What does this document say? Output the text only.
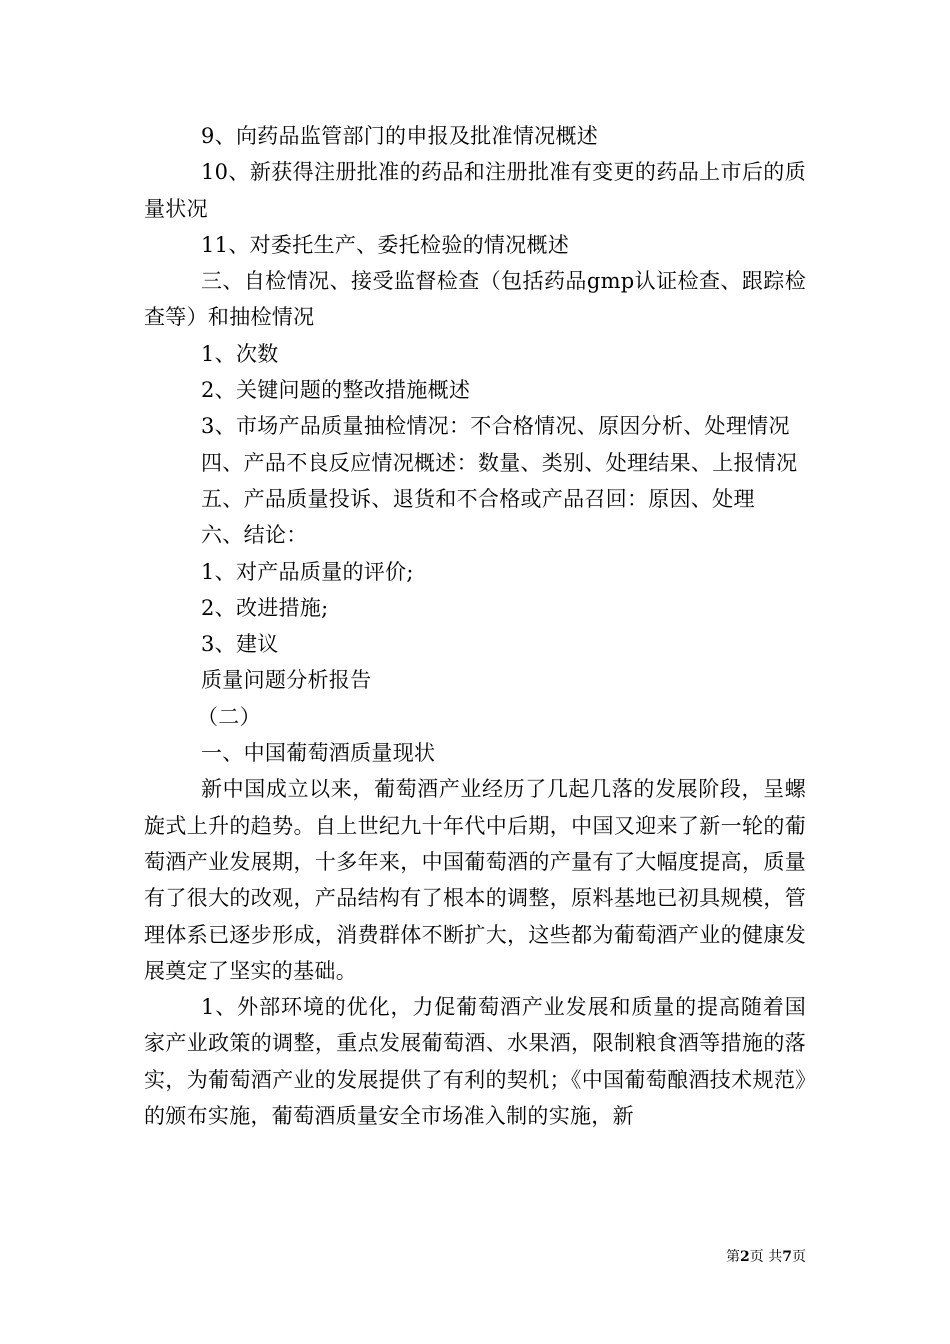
9、向药品监管部门的申报及批准情况概述

10、新获得注册批准的药品和注册批准有变更的药品上市后的质量状况

11、对委托生产、委托检验的情况概述

三、自检情况、接受监督检查（包括药品gmp认证检查、跟踪检查等）和抽检情况

1、次数

2、关键问题的整改措施概述

3、市场产品质量抽检情况：不合格情况、原因分析、处理情况

四、产品不良反应情况概述：数量、类别、处理结果、上报情况

五、产品质量投诉、退货和不合格或产品召回：原因、处理

六、结论：

1、对产品质量的评价;

2、改进措施;

3、建议

质量问题分析报告

（二）

一、中国葡萄酒质量现状

新中国成立以来，葡萄酒产业经历了几起几落的发展阶段，呈螺旋式上升的趋势。自上世纪九十年代中后期，中国又迎来了新一轮的葡萄酒产业发展期，十多年来，中国葡萄酒的产量有了大幅度提高，质量有了很大的改观，产品结构有了根本的调整，原料基地已初具规模，管理体系已逐步形成，消费群体不断扩大，这些都为葡萄酒产业的健康发展奠定了坚实的基础。

1、外部环境的优化，力促葡萄酒产业发展和质量的提高随着国家产业政策的调整，重点发展葡萄酒、水果酒，限制粮食酒等措施的落实，为葡萄酒产业的发展提供了有利的契机；《中国葡萄酿酒技术规范》的颁布实施，葡萄酒质量安全市场准入制的实施，新

第2页 共7页
